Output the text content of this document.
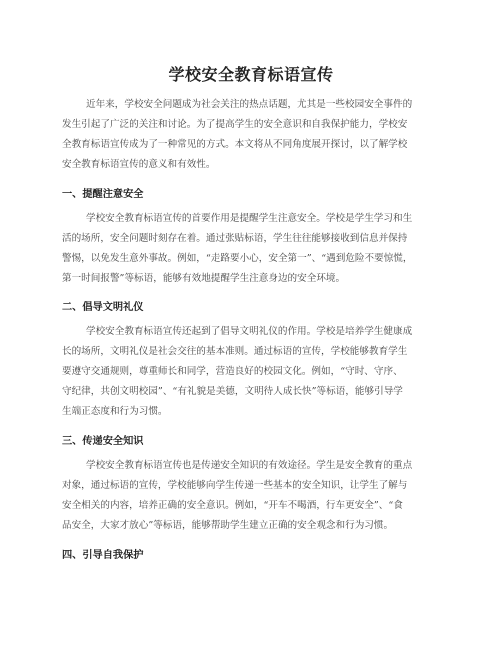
学校安全教育标语宣传

近年来，学校安全问题成为社会关注的热点话题，尤其是一些校园安全事件的

发生引起了广泛的关注和讨论。为了提高学生的安全意识和自我保护能力，学校安

全教育标语宣传成为了一种常见的方式。本文将从不同角度展开探讨，以了解学校

安全教育标语宣传的意义和有效性。

一、提醒注意安全

学校安全教育标语宣传的首要作用是提醒学生注意安全。学校是学生学习和生

活的场所，安全问题时刻存在着。通过张贴标语，学生往往能够接收到信息并保持

警惕，以免发生意外事故。例如，“走路要小心，安全第一”、“遇到危险不要惊慌，

第一时间报警”等标语，能够有效地提醒学生注意身边的安全环境。

二、倡导文明礼仪

学校安全教育标语宣传还起到了倡导文明礼仪的作用。学校是培养学生健康成

长的场所，文明礼仪是社会交往的基本准则。通过标语的宣传，学校能够教育学生

要遵守交通规则，尊重师长和同学，营造良好的校园文化。例如，“守时、守序、

守纪律，共创文明校园”、“有礼貌是美德，文明待人成长快”等标语，能够引导学

生端正态度和行为习惯。

三、传递安全知识

学校安全教育标语宣传也是传递安全知识的有效途径。学生是安全教育的重点

对象，通过标语的宣传，学校能够向学生传递一些基本的安全知识，让学生了解与

安全相关的内容，培养正确的安全意识。例如，“开车不喝酒，行车更安全”、“食

品安全，大家才放心”等标语，能够帮助学生建立正确的安全观念和行为习惯。

四、引导自我保护
